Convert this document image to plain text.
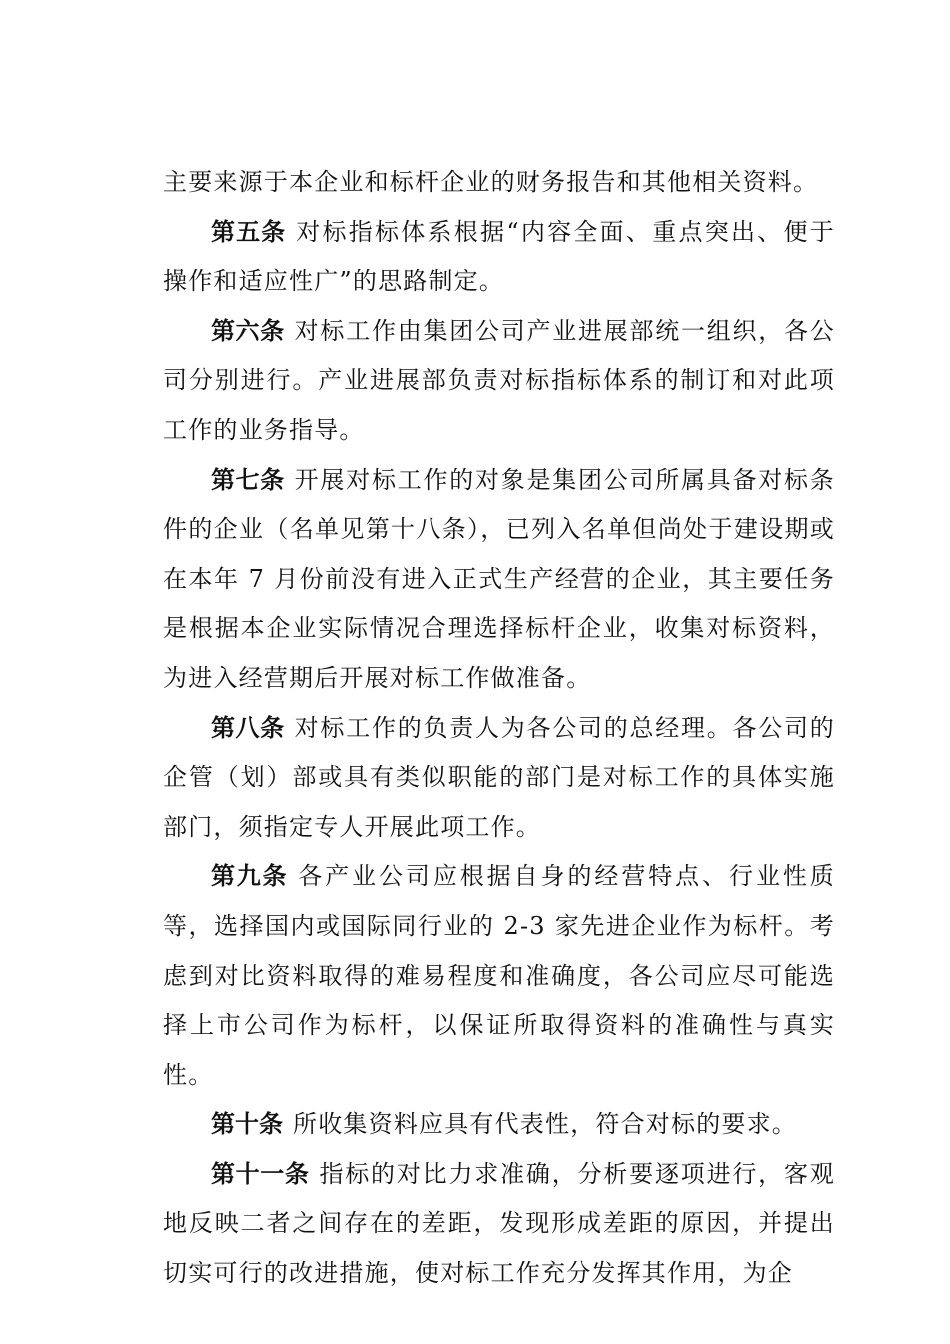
主要来源于本企业和标杆企业的财务报告和其他相关资料。

第五条 对标指标体系根据“内容全面、重点突出、便于操作和适应性广”的思路制定。

第六条 对标工作由集团公司产业进展部统一组织，各公司分别进行。产业进展部负责对标指标体系的制订和对此项工作的业务指导。

第七条 开展对标工作的对象是集团公司所属具备对标条件的企业（名单见第十八条），已列入名单但尚处于建设期或在本年 7 月份前没有进入正式生产经营的企业，其主要任务是根据本企业实际情况合理选择标杆企业，收集对标资料，为进入经营期后开展对标工作做准备。

第八条 对标工作的负责人为各公司的总经理。各公司的企管（划）部或具有类似职能的部门是对标工作的具体实施部门，须指定专人开展此项工作。

第九条 各产业公司应根据自身的经营特点、行业性质等，选择国内或国际同行业的 2-3 家先进企业作为标杆。考虑到对比资料取得的难易程度和准确度，各公司应尽可能选择上市公司作为标杆，以保证所取得资料的准确性与真实性。

第十条 所收集资料应具有代表性，符合对标的要求。

第十一条 指标的对比力求准确，分析要逐项进行，客观地反映二者之间存在的差距，发现形成差距的原因，并提出切实可行的改进措施，使对标工作充分发挥其作用，为企
